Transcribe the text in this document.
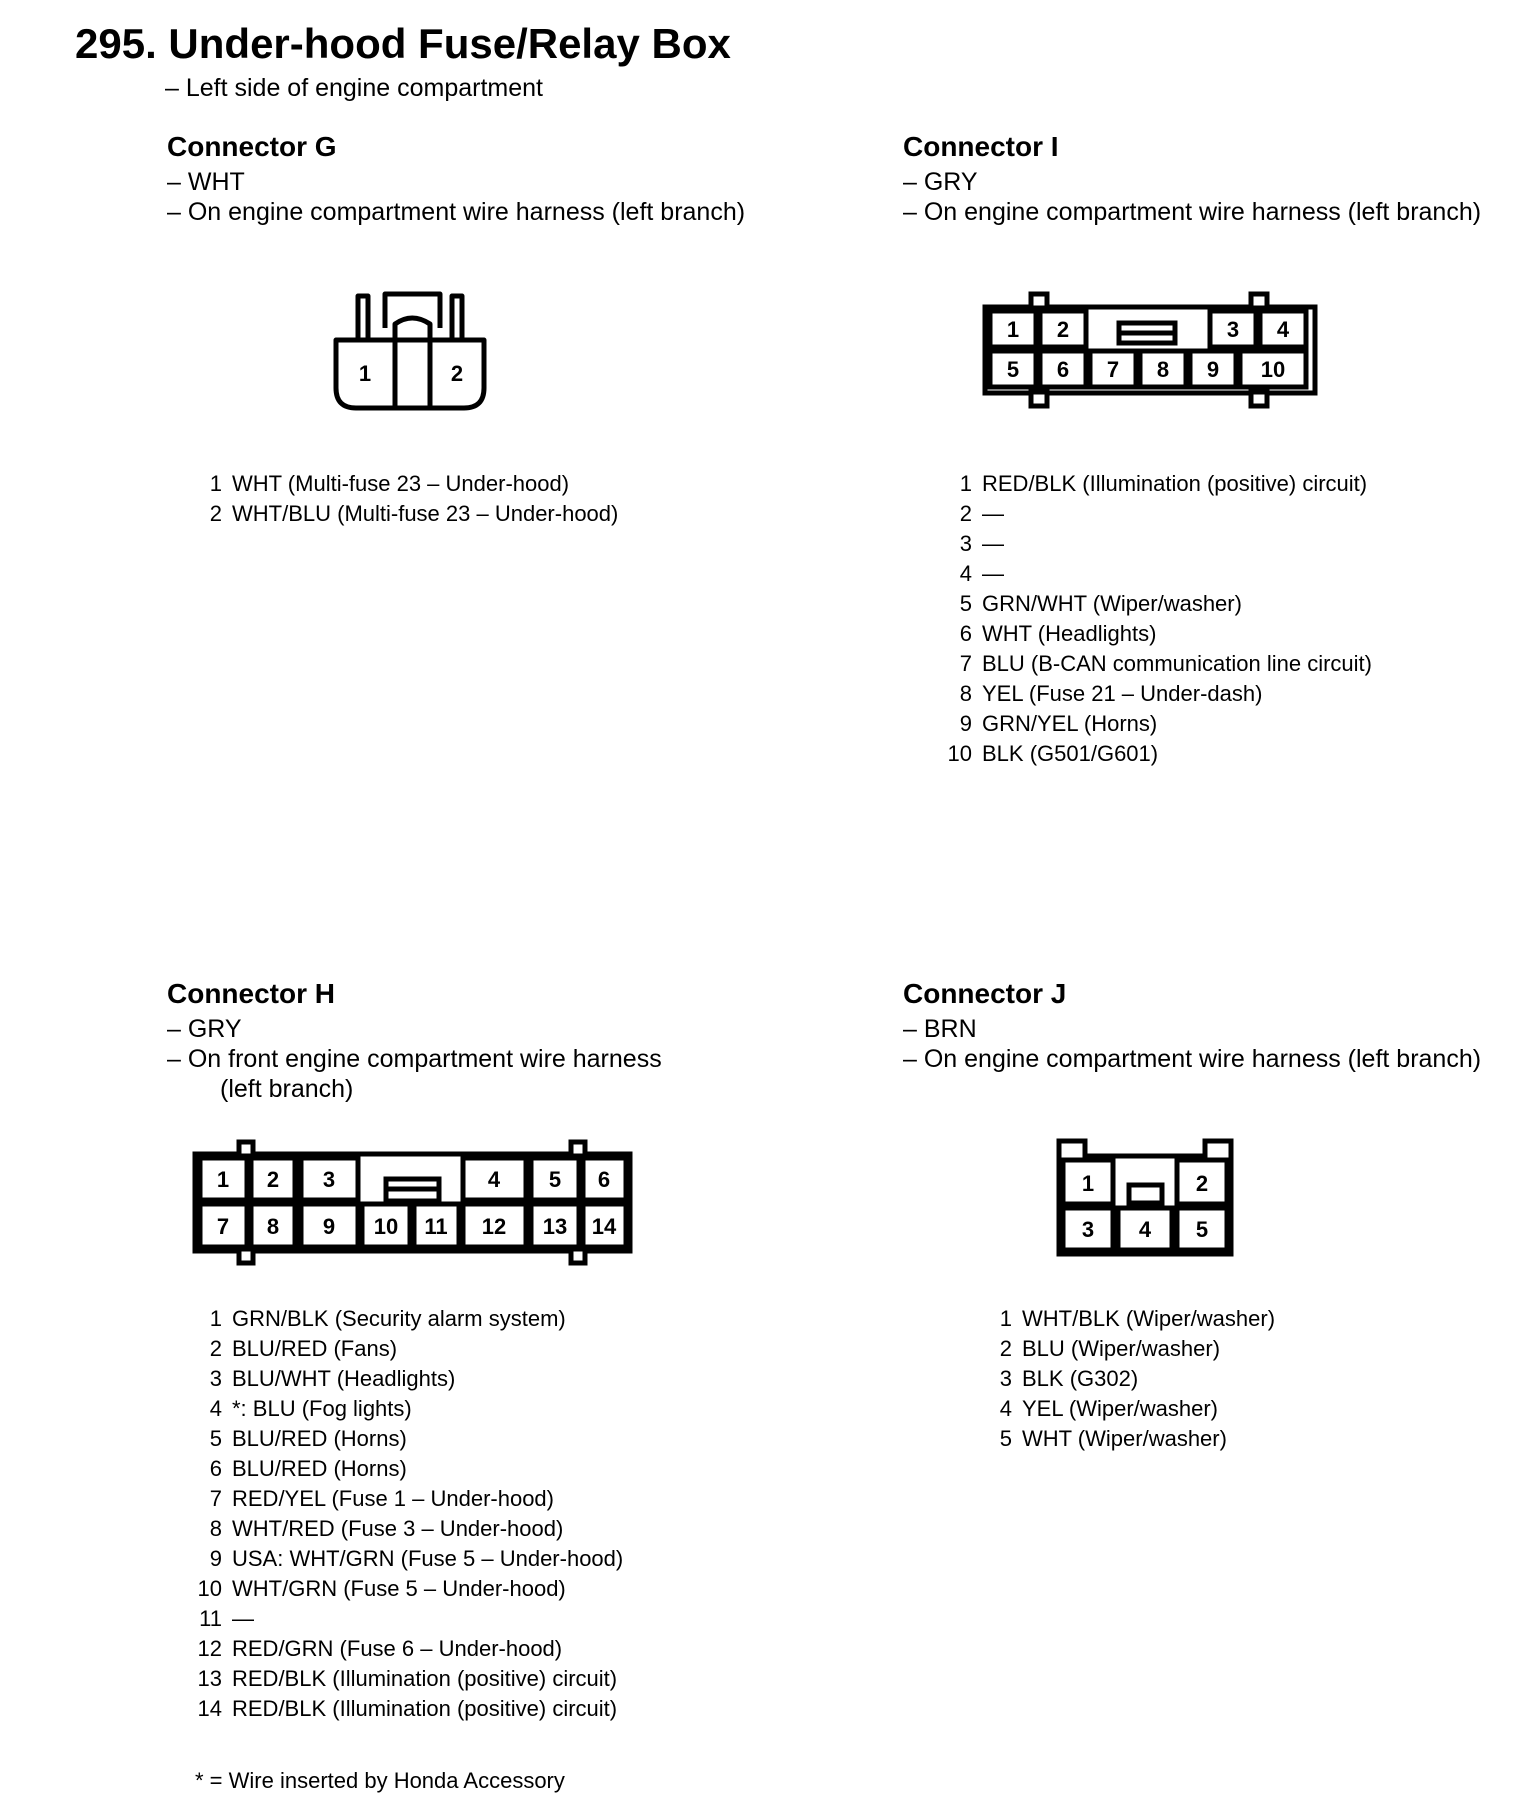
295. Under-hood Fuse/Relay Box
– Left side of engine compartment
Connector G
– WHT
– On engine compartment wire harness (left branch)
1	2
1 WHT (Multi-fuse 23 – Under-hood)
2 WHT/BLU (Multi-fuse 23 – Under-hood)
Connector I
– GRY
– On engine compartment wire harness (left branch)
1 2	3 4
5 6 7 8 9 10
1 RED/BLK (Illumination (positive) circuit)
2 —
3 —
4 —
5 GRN/WHT (Wiper/washer)
6 WHT (Headlights)
7 BLU (B-CAN communication line circuit)
8 YEL (Fuse 21 – Under-dash)
9 GRN/YEL (Horns)
10 BLK (G501/G601)
Connector H
– GRY
– On front engine compartment wire harness
(left branch)
1 2 3	4 5 6
7 8 9 10 11 12 13 14
1 GRN/BLK (Security alarm system)
2 BLU/RED (Fans)
3 BLU/WHT (Headlights)
4 *: BLU (Fog lights)
5 BLU/RED (Horns)
6 BLU/RED (Horns)
7 RED/YEL (Fuse 1 – Under-hood)
8 WHT/RED (Fuse 3 – Under-hood)
9 USA: WHT/GRN (Fuse 5 – Under-hood)
10 WHT/GRN (Fuse 5 – Under-hood)
11 —
12 RED/GRN (Fuse 6 – Under-hood)
13 RED/BLK (Illumination (positive) circuit)
14 RED/BLK (Illumination (positive) circuit)
Connector J
– BRN
– On engine compartment wire harness (left branch)
1	2
3 4 5
1 WHT/BLK (Wiper/washer)
2 BLU (Wiper/washer)
3 BLK (G302)
4 YEL (Wiper/washer)
5 WHT (Wiper/washer)
* = Wire inserted by Honda Accessory
